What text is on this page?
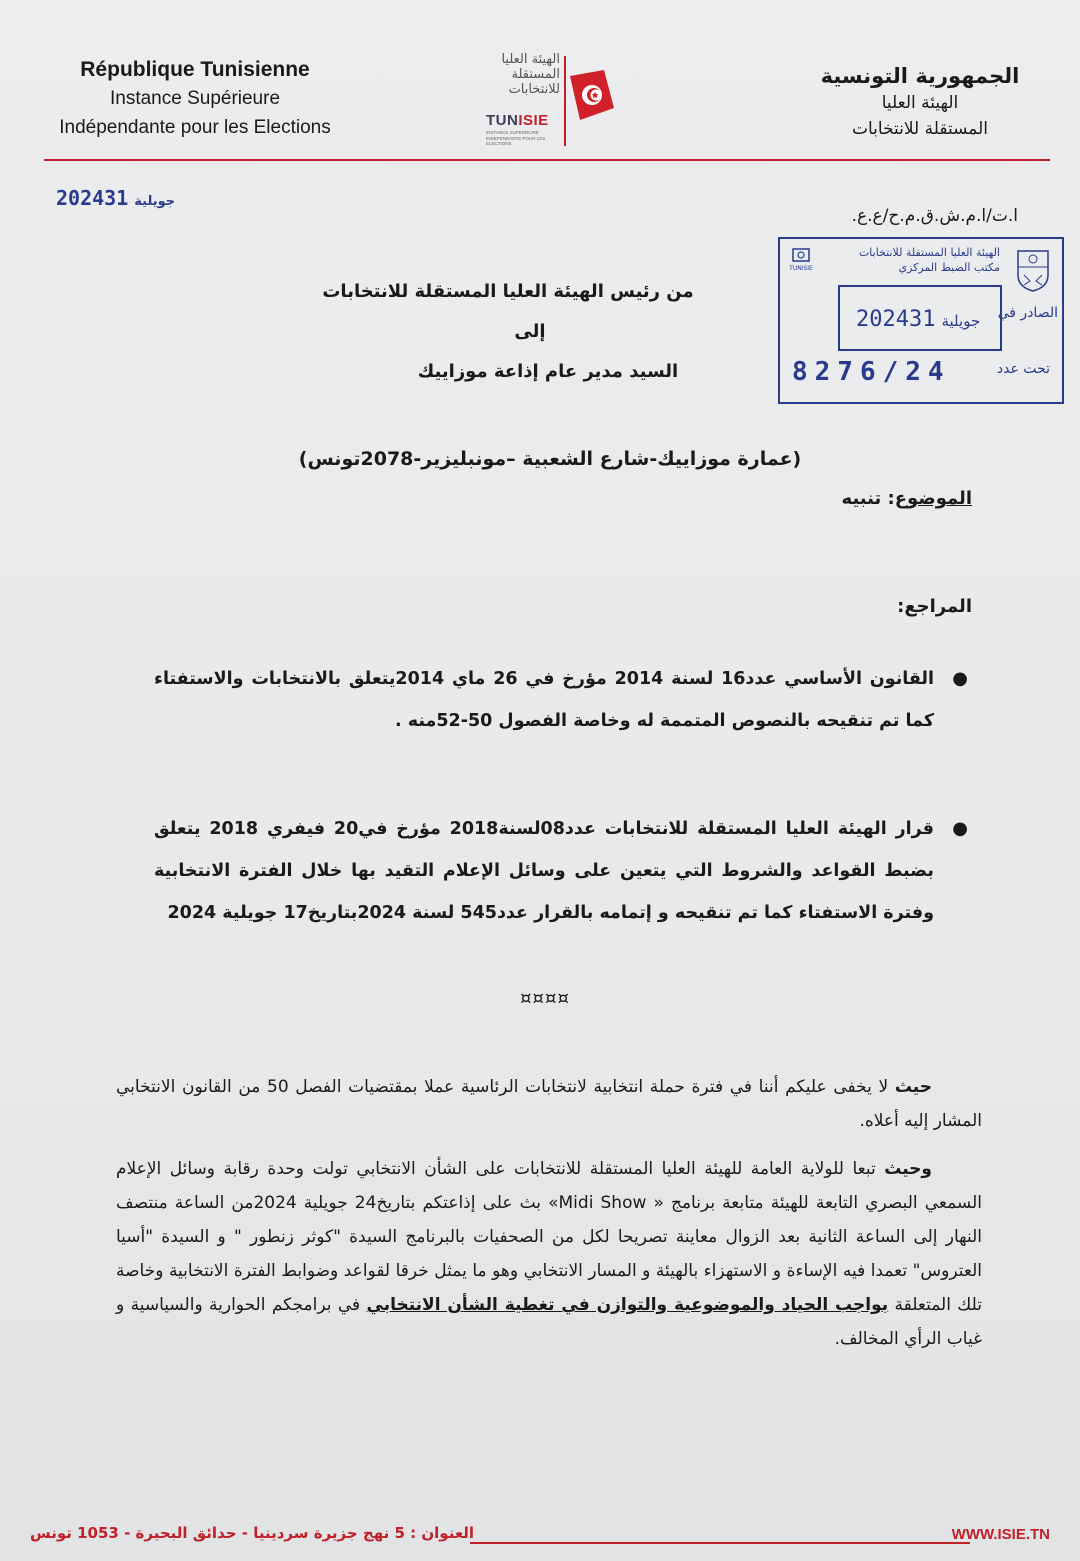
République Tunisienne
Instance Supérieure
Indépendante pour les Elections
الهيئة العليا المستقلة للانتخابات
TUNISIE
INSTANCE SUPERIEURE INDEPENDANTE POUR LES ELECTIONS
الجمهورية التونسية
الهيئة العليا
المستقلة للانتخابات
2024 جويلية31
ا.ت/ا.م.ش.ق.م.ح/ع.ع.
TUNISIE
الهيئة العليا المستقلة للانتخابات
مكتب الضبط المركزي
2024 جويلية31	الصادر في
8276/24	تحت عدد
من رئيس الهيئة العليا المستقلة للانتخابات
إلى
السيد مدير عام إذاعة موزاييك
(عمارة موزاييك-شارع الشعبية –مونبليزير-2078تونس)
الموضوع: تنبيه
المراجع:
●
القانون الأساسي عدد16 لسنة 2014 مؤرخ في 26 ماي 2014يتعلق بالانتخابات والاستفتاء كما تم تنقيحه بالنصوص المتممة له وخاصة الفصول 50-52منه .
●
قرار الهيئة العليا المستقلة للانتخابات عدد08لسنة2018 مؤرخ في20 فيفري 2018 يتعلق بضبط القواعد والشروط التي يتعين على وسائل الإعلام التقيد بها خلال الفترة الانتخابية وفترة الاستفتاء كما تم تنقيحه و إتمامه بالقرار عدد545 لسنة 2024بتاريخ17 جويلية 2024
¤¤¤¤
حيث لا يخفى عليكم أننا في فترة حملة انتخابية لانتخابات الرئاسية عملا بمقتضيات الفصل 50 من القانون الانتخابي المشار إليه أعلاه.
وحيث تبعا للولاية العامة للهيئة العليا المستقلة للانتخابات على الشأن الانتخابي تولت وحدة رقابة وسائل الإعلام السمعي البصري التابعة للهيئة متابعة برنامج « Midi Show» بث على إذاعتكم بتاريخ24 جويلية 2024من الساعة منتصف النهار إلى الساعة الثانية بعد الزوال معاينة تصريحا لكل من الصحفيات بالبرنامج السيدة "كوثر زنطور " و السيدة "أسيا العتروس" تعمدا فيه الإساءة و الاستهزاء بالهيئة و المسار الانتخابي وهو ما يمثل خرقا لقواعد وضوابط الفترة الانتخابية وخاصة تلك المتعلقة بواجب الحياد والموضوعية والتوازن في تغطية الشأن الانتخابي في برامجكم الحوارية والسياسية و غياب الرأي المخالف.
العنوان : 5 نهج جزيرة سردينيا - حدائق البحيرة - 1053 تونس	WWW.ISIE.TN
